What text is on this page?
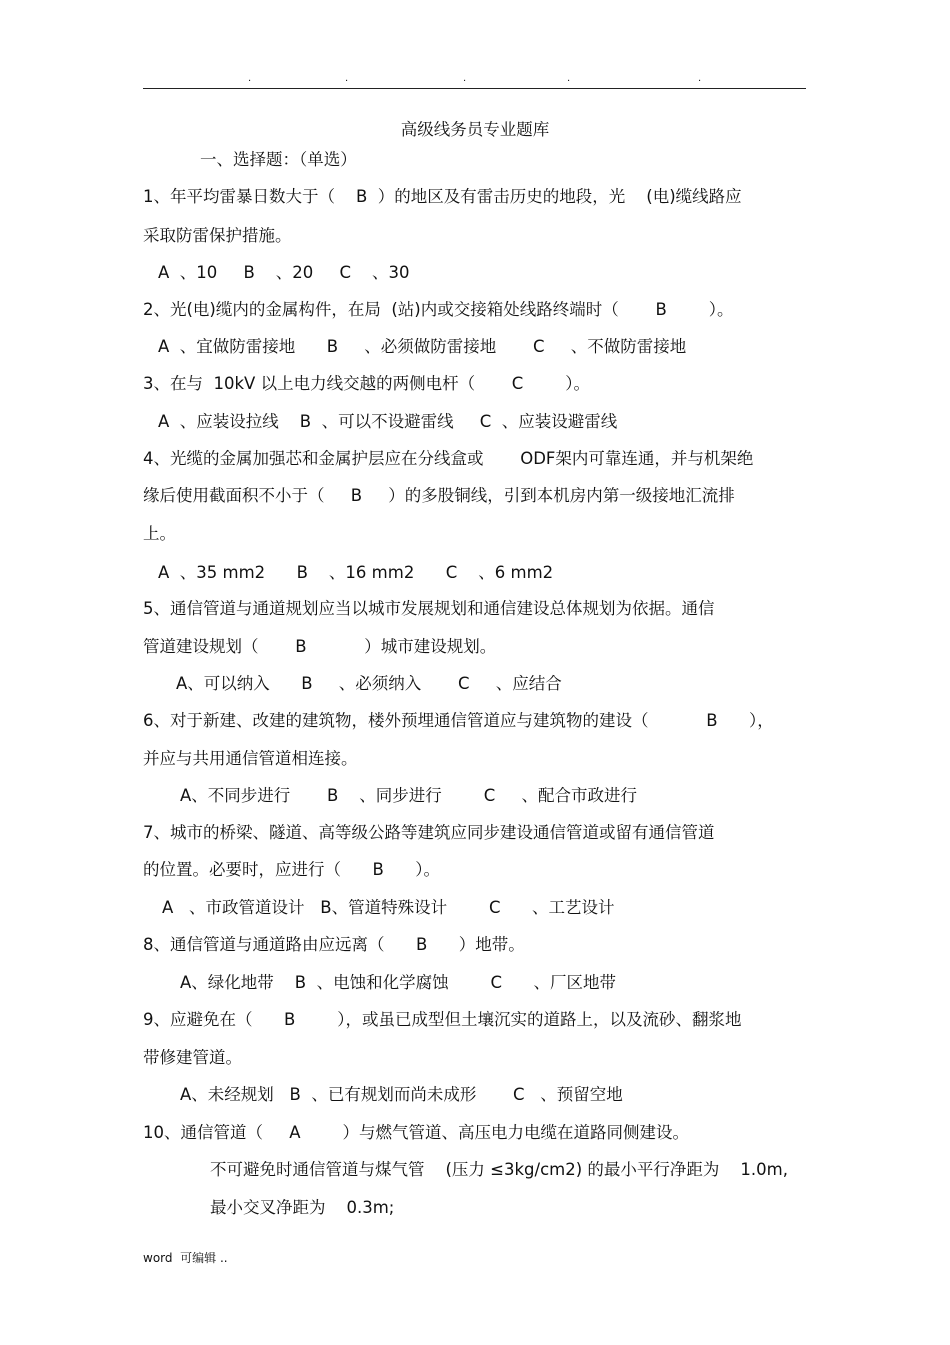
.	.	.	.	.
高级线务员专业题库
一、选择题：（单选）
1、年平均雷暴日数大于（    B  ）的地区及有雷击历史的地段，光    (电)缆线路应
采取防雷保护措施。
A  、10     B    、20     C    、30
2、光(电)缆内的金属构件，在局  (站)内或交接箱处线路终端时（       B        ）。
A  、宜做防雷接地      B     、必须做防雷接地       C     、不做防雷接地
3、在与  10kV 以上电力线交越的两侧电杆（       C        ）。
A  、应装设拉线    B  、可以不设避雷线     C  、应装设避雷线
4、光缆的金属加强芯和金属护层应在分线盒或       ODF架内可靠连通，并与机架绝
缘后使用截面积不小于（     B     ）的多股铜线，引到本机房内第一级接地汇流排
上。
A  、35 mm2      B    、16 mm2      C    、6 mm2
5、通信管道与通道规划应当以城市发展规划和通信建设总体规划为依据。通信
管道建设规划（       B           ）城市建设规划。
A、可以纳入      B     、必须纳入       C     、应结合
6、对于新建、改建的建筑物，楼外预埋通信管道应与建筑物的建设（           B      ），
并应与共用通信管道相连接。
A、不同步进行       B    、同步进行        C     、配合市政进行
7、城市的桥梁、隧道、高等级公路等建筑应同步建设通信管道或留有通信管道
的位置。必要时，应进行（      B      ）。
A   、市政管道设计   B、管道特殊设计        C      、工艺设计
8、通信管道与通道路由应远离（      B      ）地带。
A、绿化地带    B  、电蚀和化学腐蚀        C      、厂区地带
9、应避免在（      B        ），或虽已成型但土壤沉实的道路上，以及流砂、翻浆地
带修建管道。
A、未经规划   B  、已有规划而尚未成形       C   、预留空地
10、通信管道（     A        ）与燃气管道、高压电力电缆在道路同侧建设。
不可避免时通信管道与煤气管    (压力 ≤3kg/cm2) 的最小平行净距为    1.0m,
最小交叉净距为    0.3m;
word  可编辑 ..
